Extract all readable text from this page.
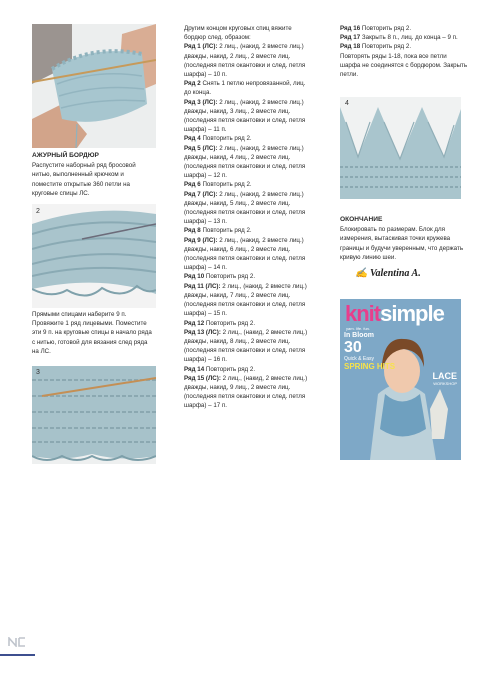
АЖУРНЫЙ БОРДЮР

Распустите наборный ряд бросовой нитью, выполненный крючком и поместите открытые 360 петли на круговые спицы ЛС.

2

Прямыми спицами наберите 9 п. Провяжите 1 ряд лицевыми. Поместите эти 9 п. на круговые спицы в начало ряда с нитью, готовой для вязания след ряда на ЛС.

3

Другим концом круговых спиц вяжите бордюр след. образом:

Ряд 1 (ЛС): 2 лиц., (накид, 2 вместе лиц.) дважды, накид, 2 лиц., 2 вместе лиц. (последняя петля окантовки и след. петля шарфа) – 10 п.

Ряд 2 Снять 1 петлю непровязанной, лиц. до конца.

Ряд 3 (ЛС): 2 лиц., (накид, 2 вместе лиц.) дважды, накид, 3 лиц., 2 вместе лиц. (последняя петля окантовки и след. петля шарфа) – 11 п.

Ряд 4 Повторить ряд 2.

Ряд 5 (ЛС): 2 лиц., (накид, 2 вместе лиц.) дважды, накид, 4 лиц., 2 вместе лиц. (последняя петля окантовки и след. петля шарфа) – 12 п.

Ряд 6 Повторить ряд 2.

Ряд 7 (ЛС): 2 лиц., (накид, 2 вместе лиц.) дважды, накид, 5 лиц., 2 вместе лиц. (последняя петля окантовки и след. петля шарфа) – 13 п.

Ряд 8 Повторить ряд 2.

Ряд 9 (ЛС): 2 лиц., (накид, 2 вместе лиц.) дважды, накид, 6 лиц., 2 вместе лиц. (последняя петля окантовки и след. петля шарфа) – 14 п.

Ряд 10 Повторить ряд 2.

Ряд 11 (ЛС): 2 лиц., (накид, 2 вместе лиц.) дважды, накид, 7 лиц., 2 вместе лиц. (последняя петля окантовки и след. петля шарфа) – 15 п.

Ряд 12 Повторить ряд 2.

Ряд 13 (ЛС): 2 лиц., (накид, 2 вместе лиц.) дважды, накид, 8 лиц., 2 вместе лиц. (последняя петля окантовки и след. петля шарфа) – 16 п.

Ряд 14 Повторить ряд 2.

Ряд 15 (ЛС): 2 лиц., (накид, 2 вместе лиц.) дважды, накид, 9 лиц., 2 вместе лиц. (последняя петля окантовки и след. петля шарфа) – 17 п.

Ряд 16 Повторить ряд 2.

Ряд 17 Закрыть 8 п., лиц. до конца – 9 п.

Ряд 18 Повторить ряд 2.

Повторять ряды 1-18, пока все петли шарфа не соединятся с бордюром. Закрыть петли.

4
ОКОНЧАНИЕ

Блокировать по размерам. Блок для измерения, вытаскивая точки кружева границы и будучи уверенным, что держать кривую линию шеи.

✍ Valentina A.
knitsimple
yarn. life. fun.
In Bloom
30
Quick & Easy
SPRING HITS
LACE
WORKSHOP
